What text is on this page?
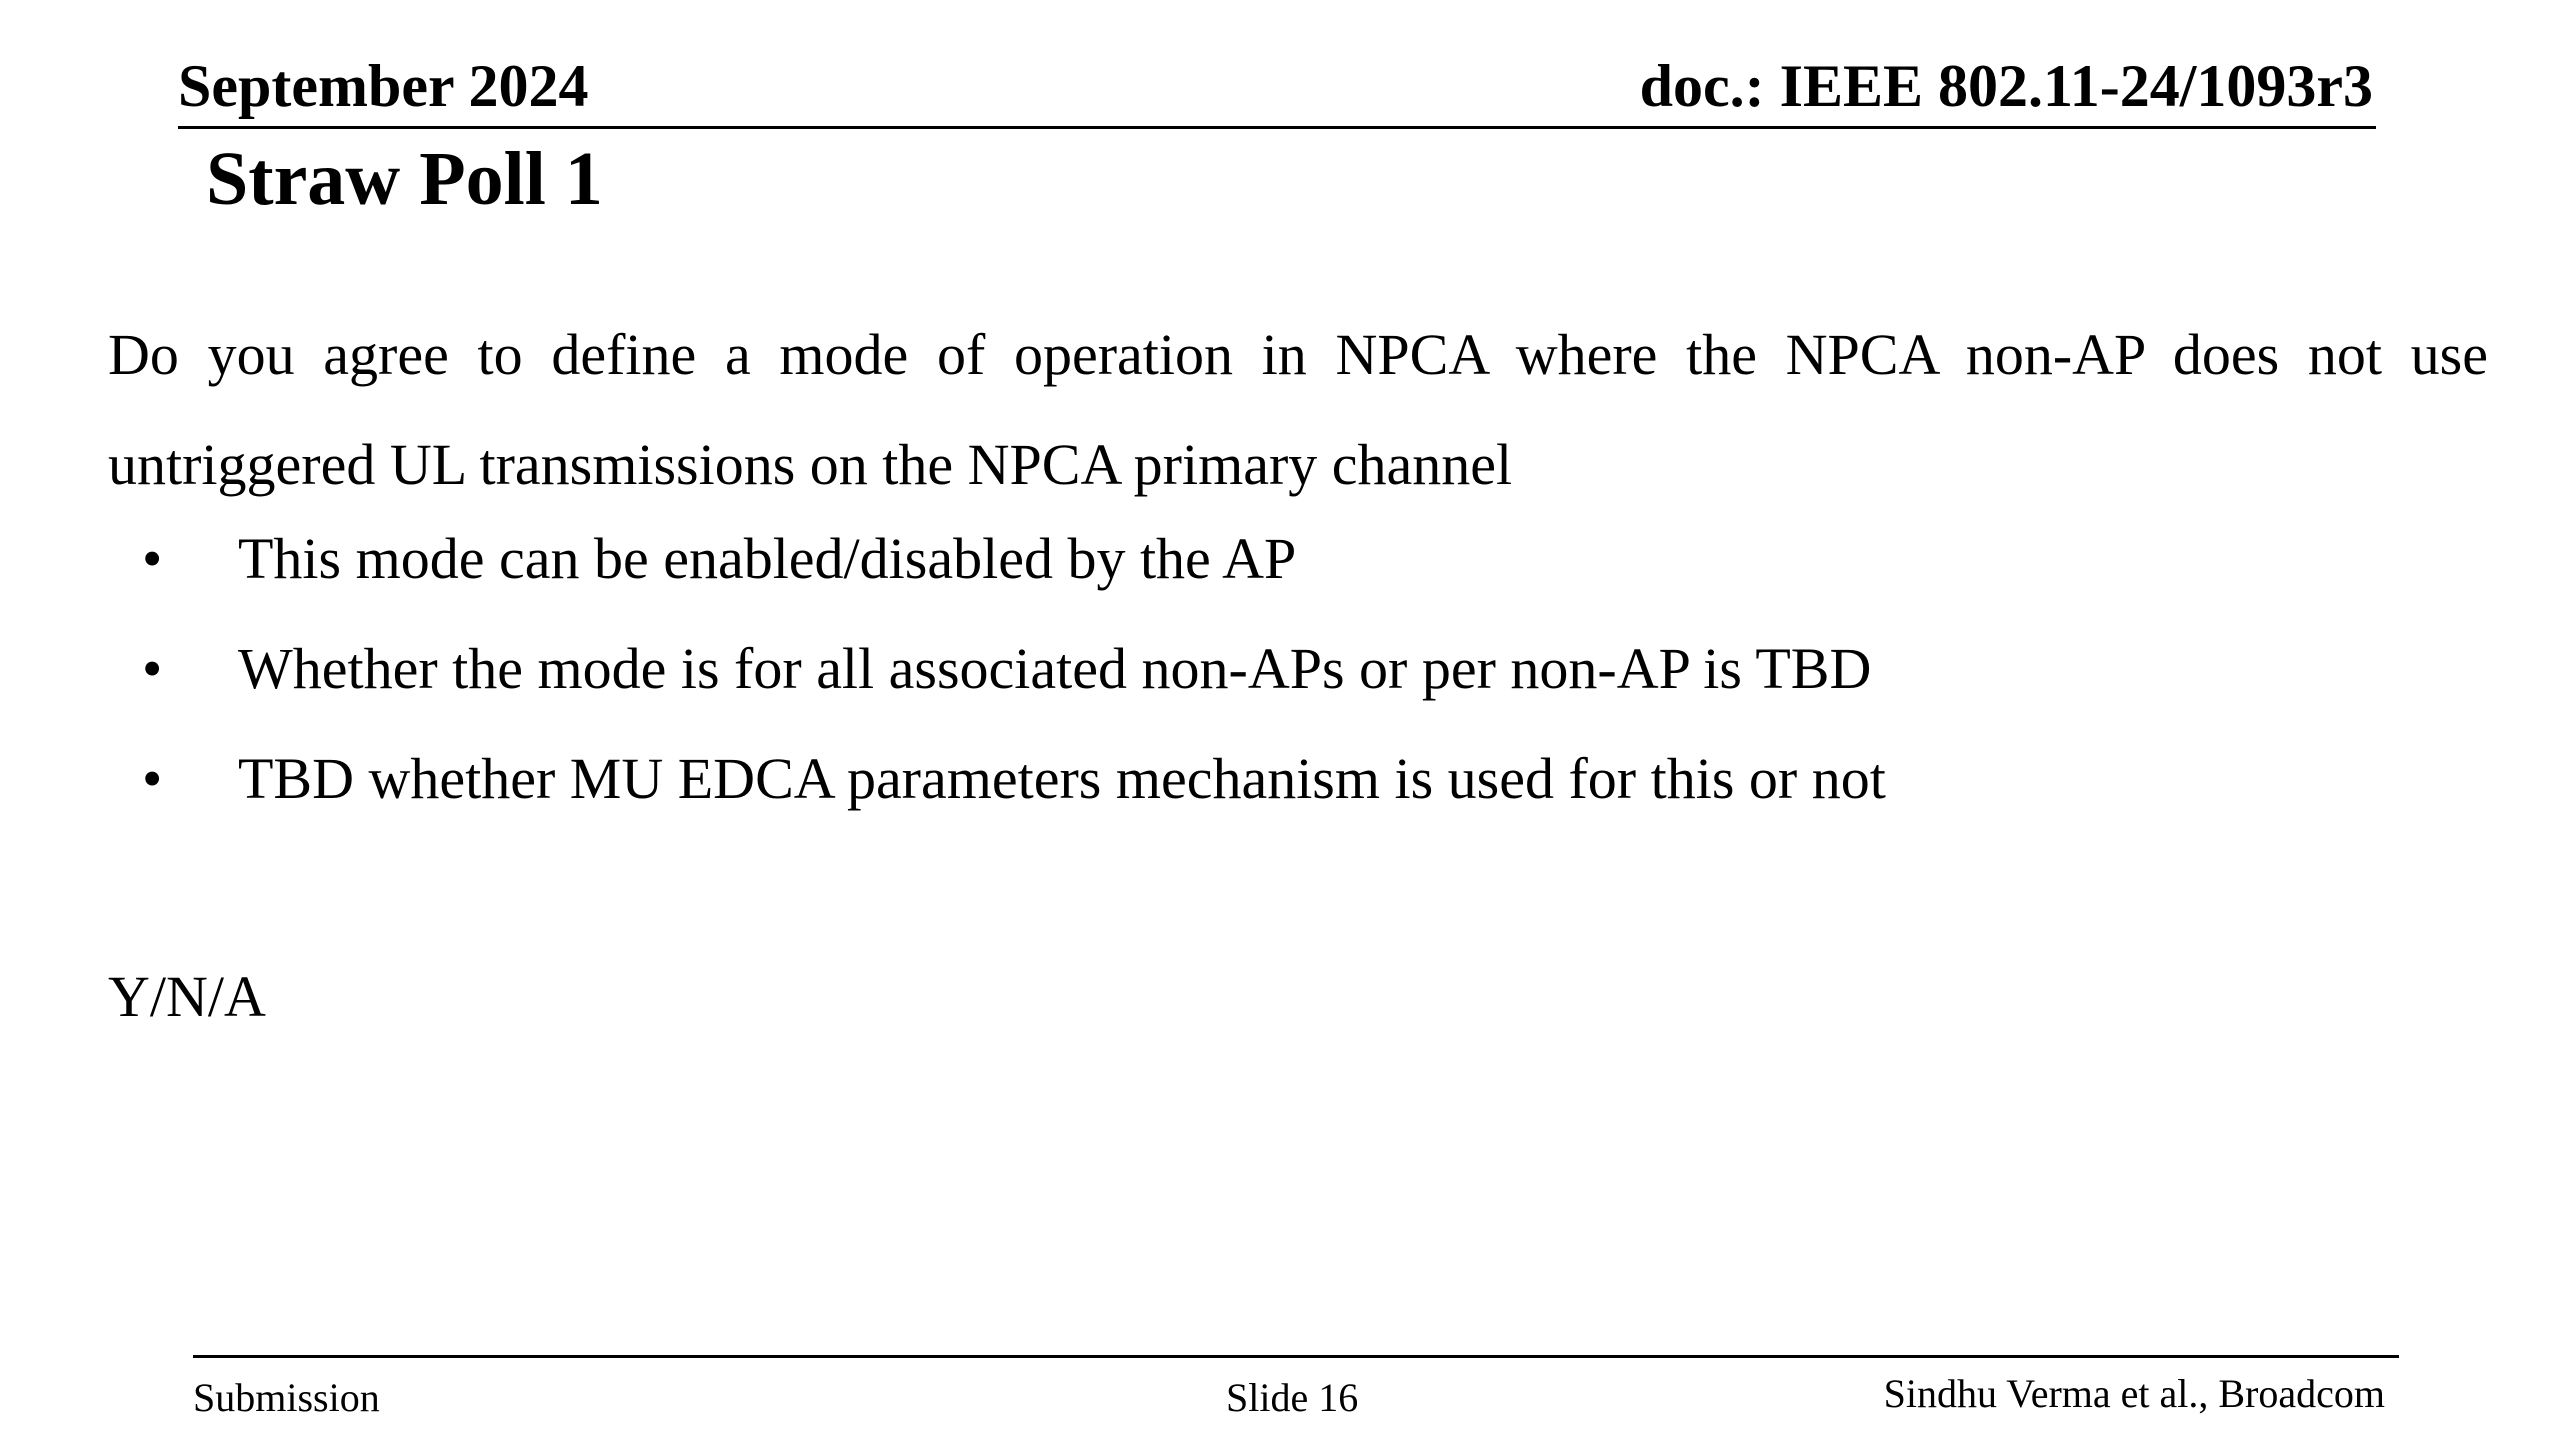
September 2024	doc.: IEEE 802.11-24/1093r3
Straw Poll 1
Do you agree to define a mode of operation in NPCA where the NPCA non-AP does not use untriggered UL transmissions on the NPCA primary channel
• This mode can be enabled/disabled by the AP
• Whether the mode is for all associated non-APs or per non-AP is TBD
• TBD whether MU EDCA parameters mechanism is used for this or not
Y/N/A
Submission	Slide 16	Sindhu Verma et al., Broadcom
